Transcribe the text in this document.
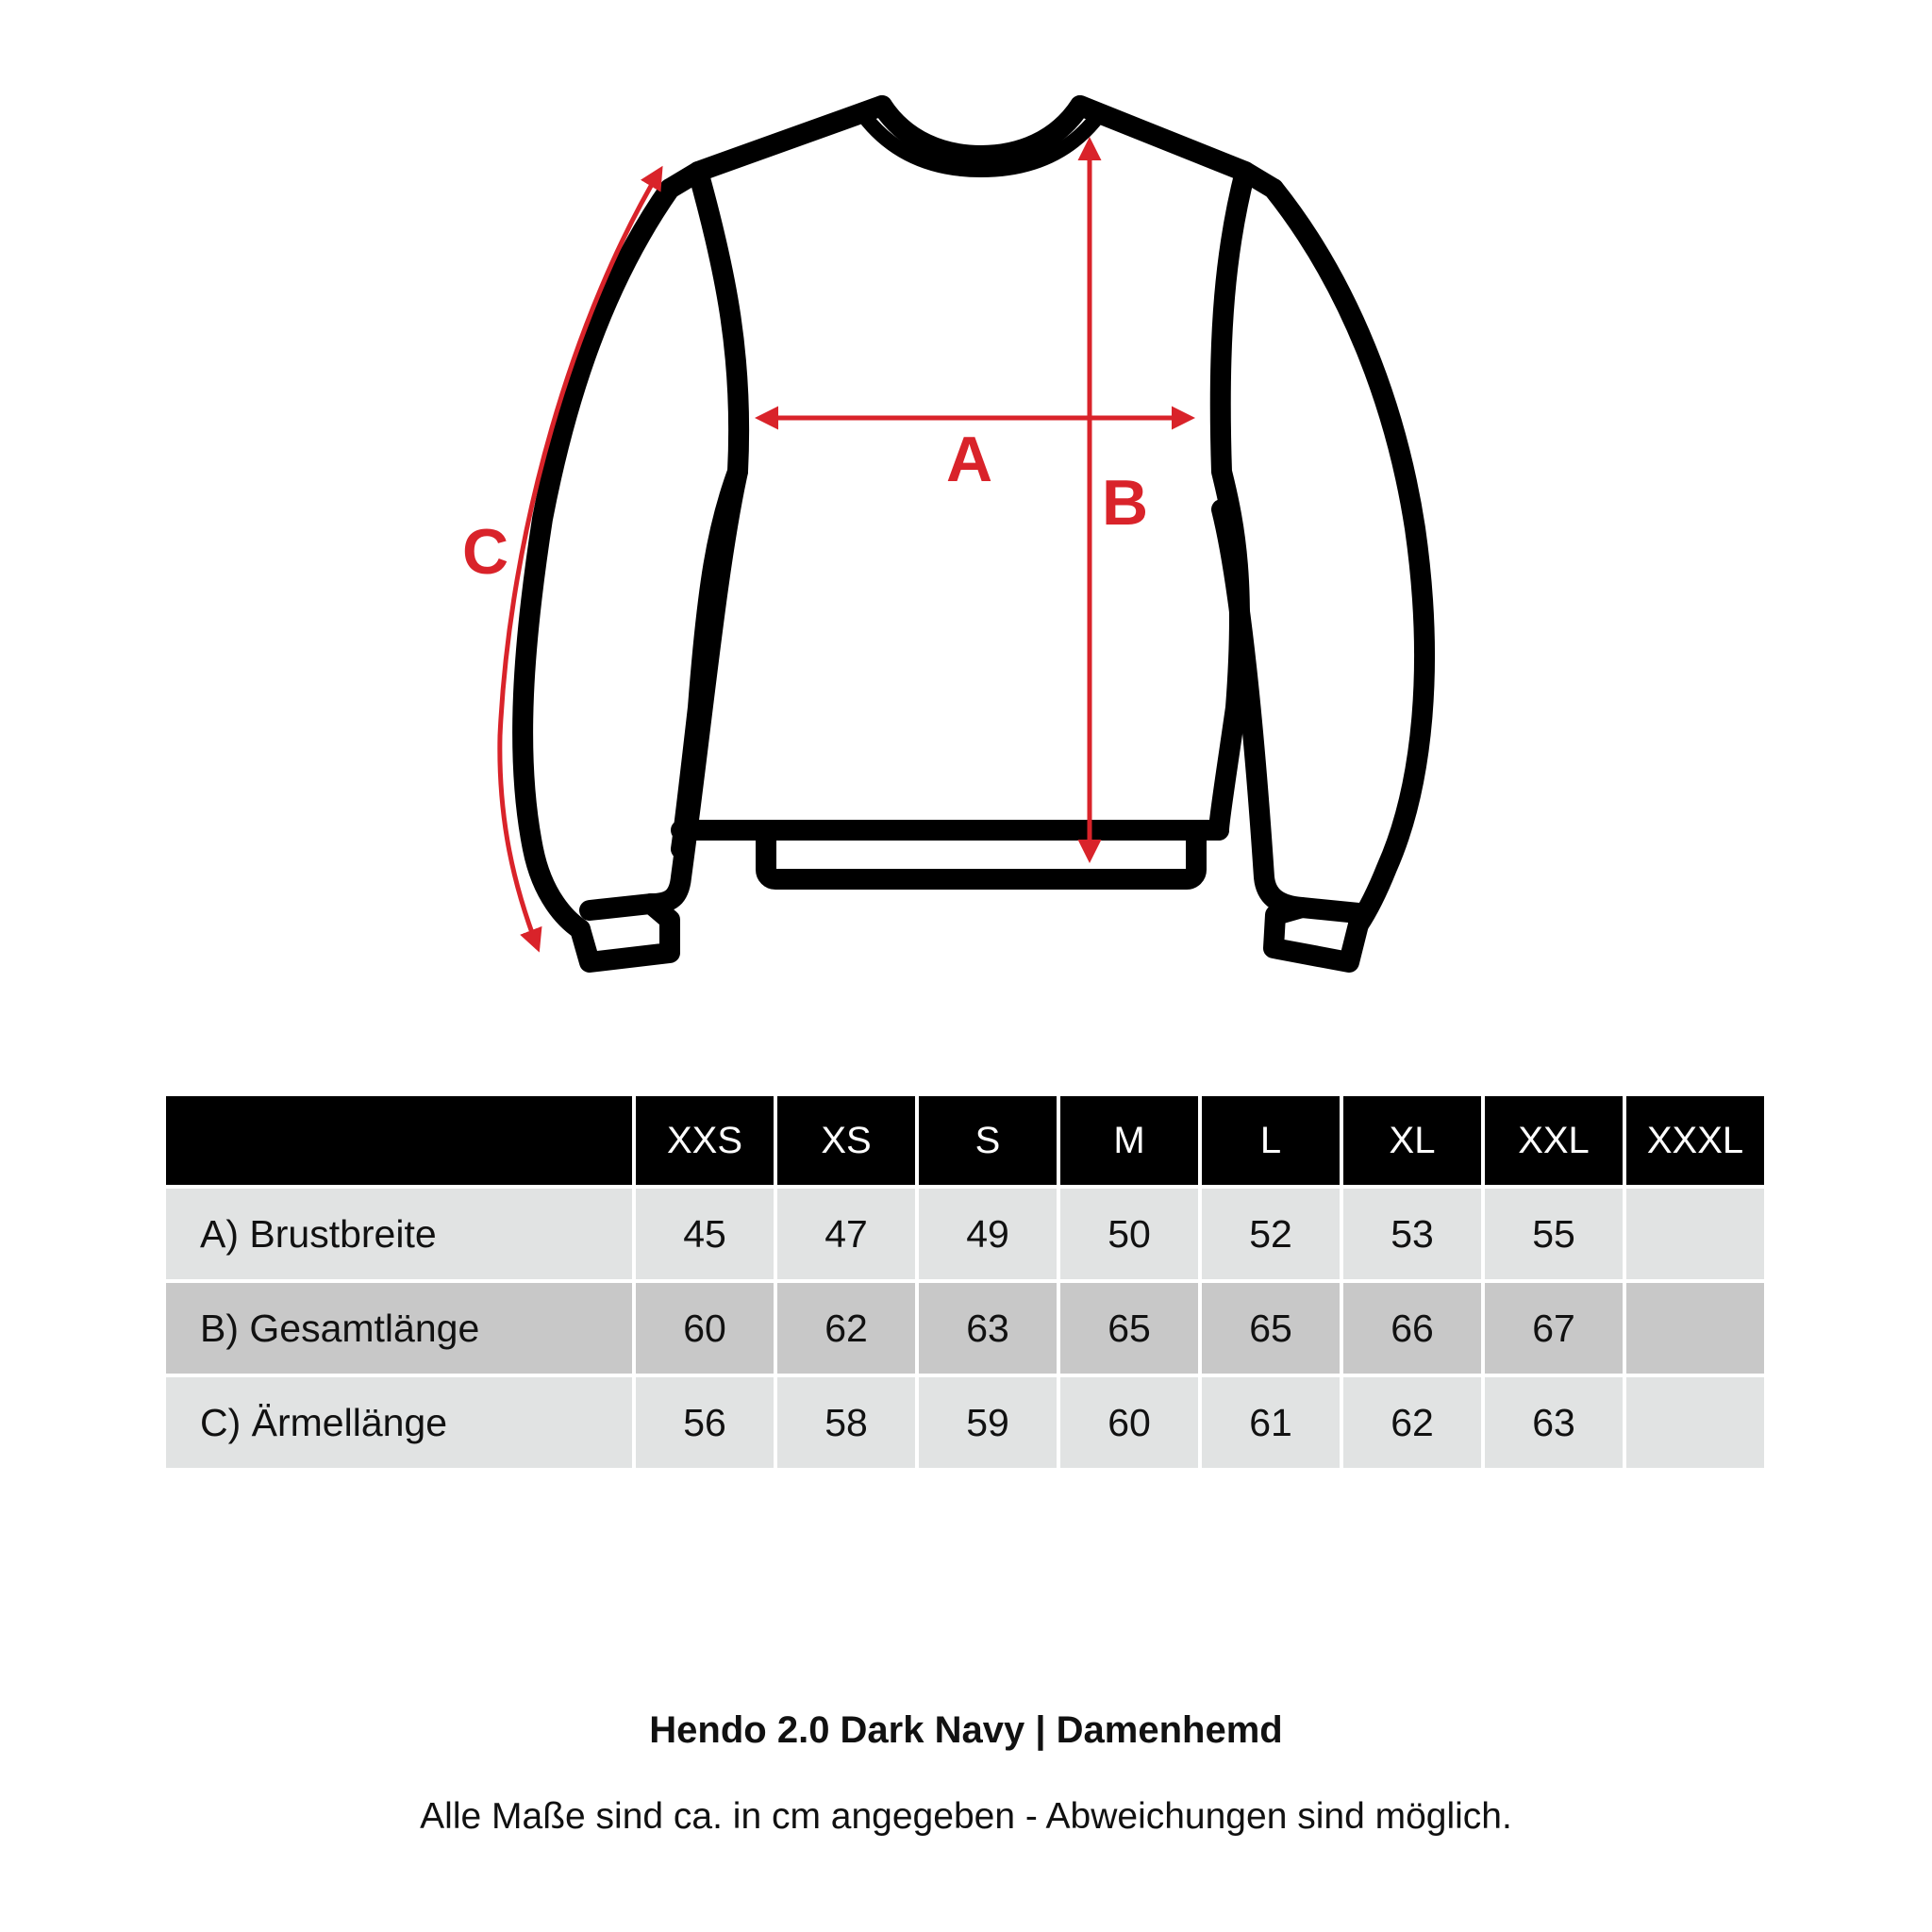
A
B
C
	XXS	XS	S	M	L	XL	XXL	XXXL
A) Brustbreite	45	47	49	50	52	53	55	
B) Gesamtlänge	60	62	63	65	65	66	67	
C) Ärmellänge	56	58	59	60	61	62	63	
Hendo 2.0 Dark Navy | Damenhemd
Alle Maße sind ca. in cm angegeben - Abweichungen sind möglich.
